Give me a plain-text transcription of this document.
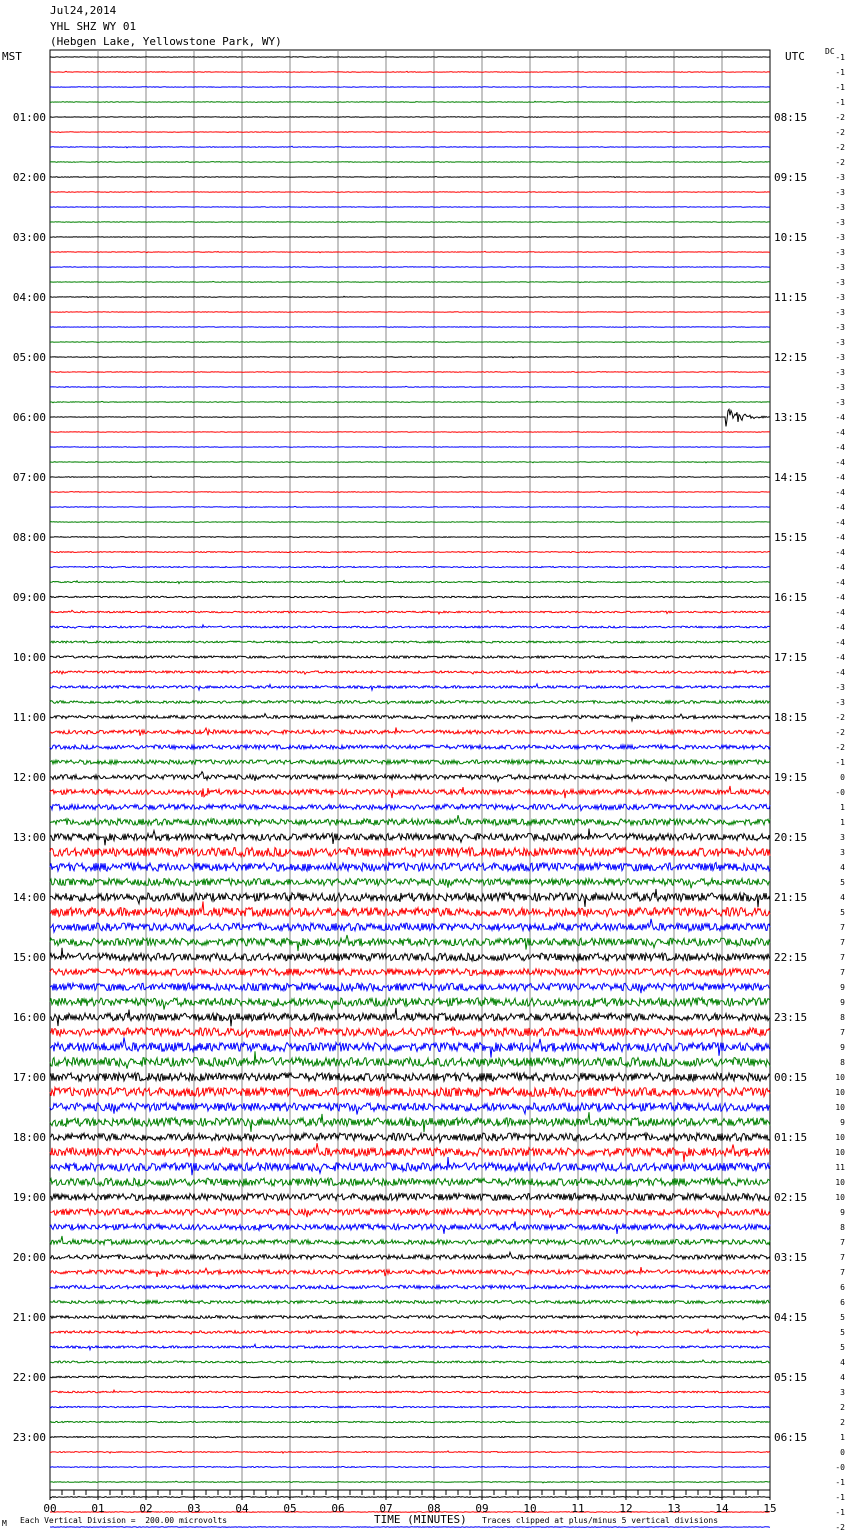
01:00
02:00
03:00
04:00
05:00
06:00
07:00
08:00
09:00
10:00
11:00
12:00
13:00
14:00
15:00
16:00
17:00
18:00
19:00
20:00
21:00
22:00
23:00
08:15
09:15
10:15
11:15
12:15
13:15
14:15
15:15
16:15
17:15
18:15
19:15
20:15
21:15
22:15
23:15
00:15
01:15
02:15
03:15
04:15
05:15
06:15
-1
-1
-1
-1
-2
-2
-2
-2
-3
-3
-3
-3
-3
-3
-3
-3
-3
-3
-3
-3
-3
-3
-3
-3
-4
-4
-4
-4
-4
-4
-4
-4
-4
-4
-4
-4
-4
-4
-4
-4
-4
-4
-3
-3
-2
-2
-2
-1
0
-0
1
1
3
3
4
5
4
5
7
7
7
7
9
9
8
7
9
8
10
10
10
9
10
10
11
10
10
9
8
7
7
7
6
6
5
5
5
4
4
3
2
2
1
0
-0
-1
-1
-1
-2
00	01	02	03	04	05	06	07	08	09	10	11	12	13	14	15
Jul24,2014
YHL SHZ WY 01
(Hebgen Lake, Yellowstone Park, WY)
MST	UTC	DC
M Each Vertical Division =  200.00 microvolts	TIME (MINUTES) Traces clipped at plus/minus 5 vertical divisions
